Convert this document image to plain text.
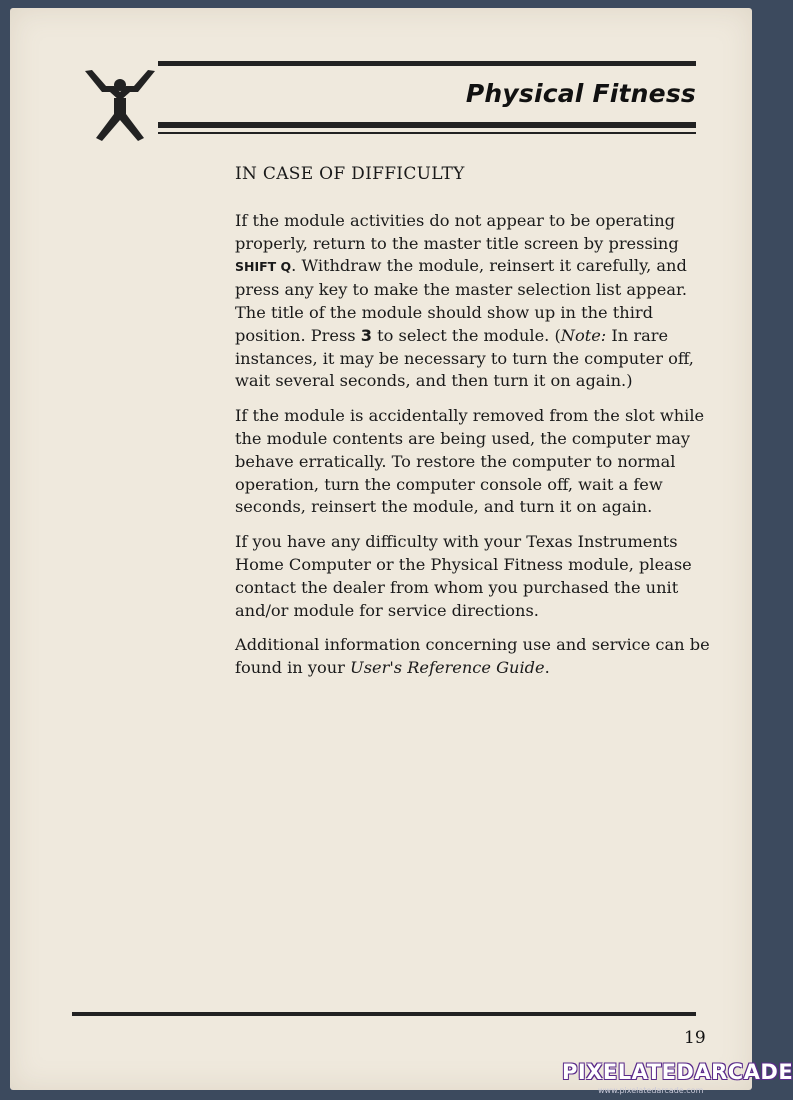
Physical Fitness
IN CASE OF DIFFICULTY

If the module activities do not appear to be operating properly, return to the master title screen by pressing SHIFT Q. Withdraw the module, reinsert it carefully, and press any key to make the master selection list appear. The title of the module should show up in the third position. Press 3 to select the module. (Note: In rare instances, it may be necessary to turn the computer off, wait several seconds, and then turn it on again.)

If the module is accidentally removed from the slot while the module contents are being used, the computer may behave erratically. To restore the computer to normal operation, turn the computer console off, wait a few seconds, reinsert the module, and turn it on again.

If you have any difficulty with your Texas Instruments Home Computer or the Physical Fitness module, please contact the dealer from whom you purchased the unit and/or module for service directions.

Additional information concerning use and service can be found in your User's Reference Guide.

19
PIXELATEDARCADE
www.pixelatedarcade.com
